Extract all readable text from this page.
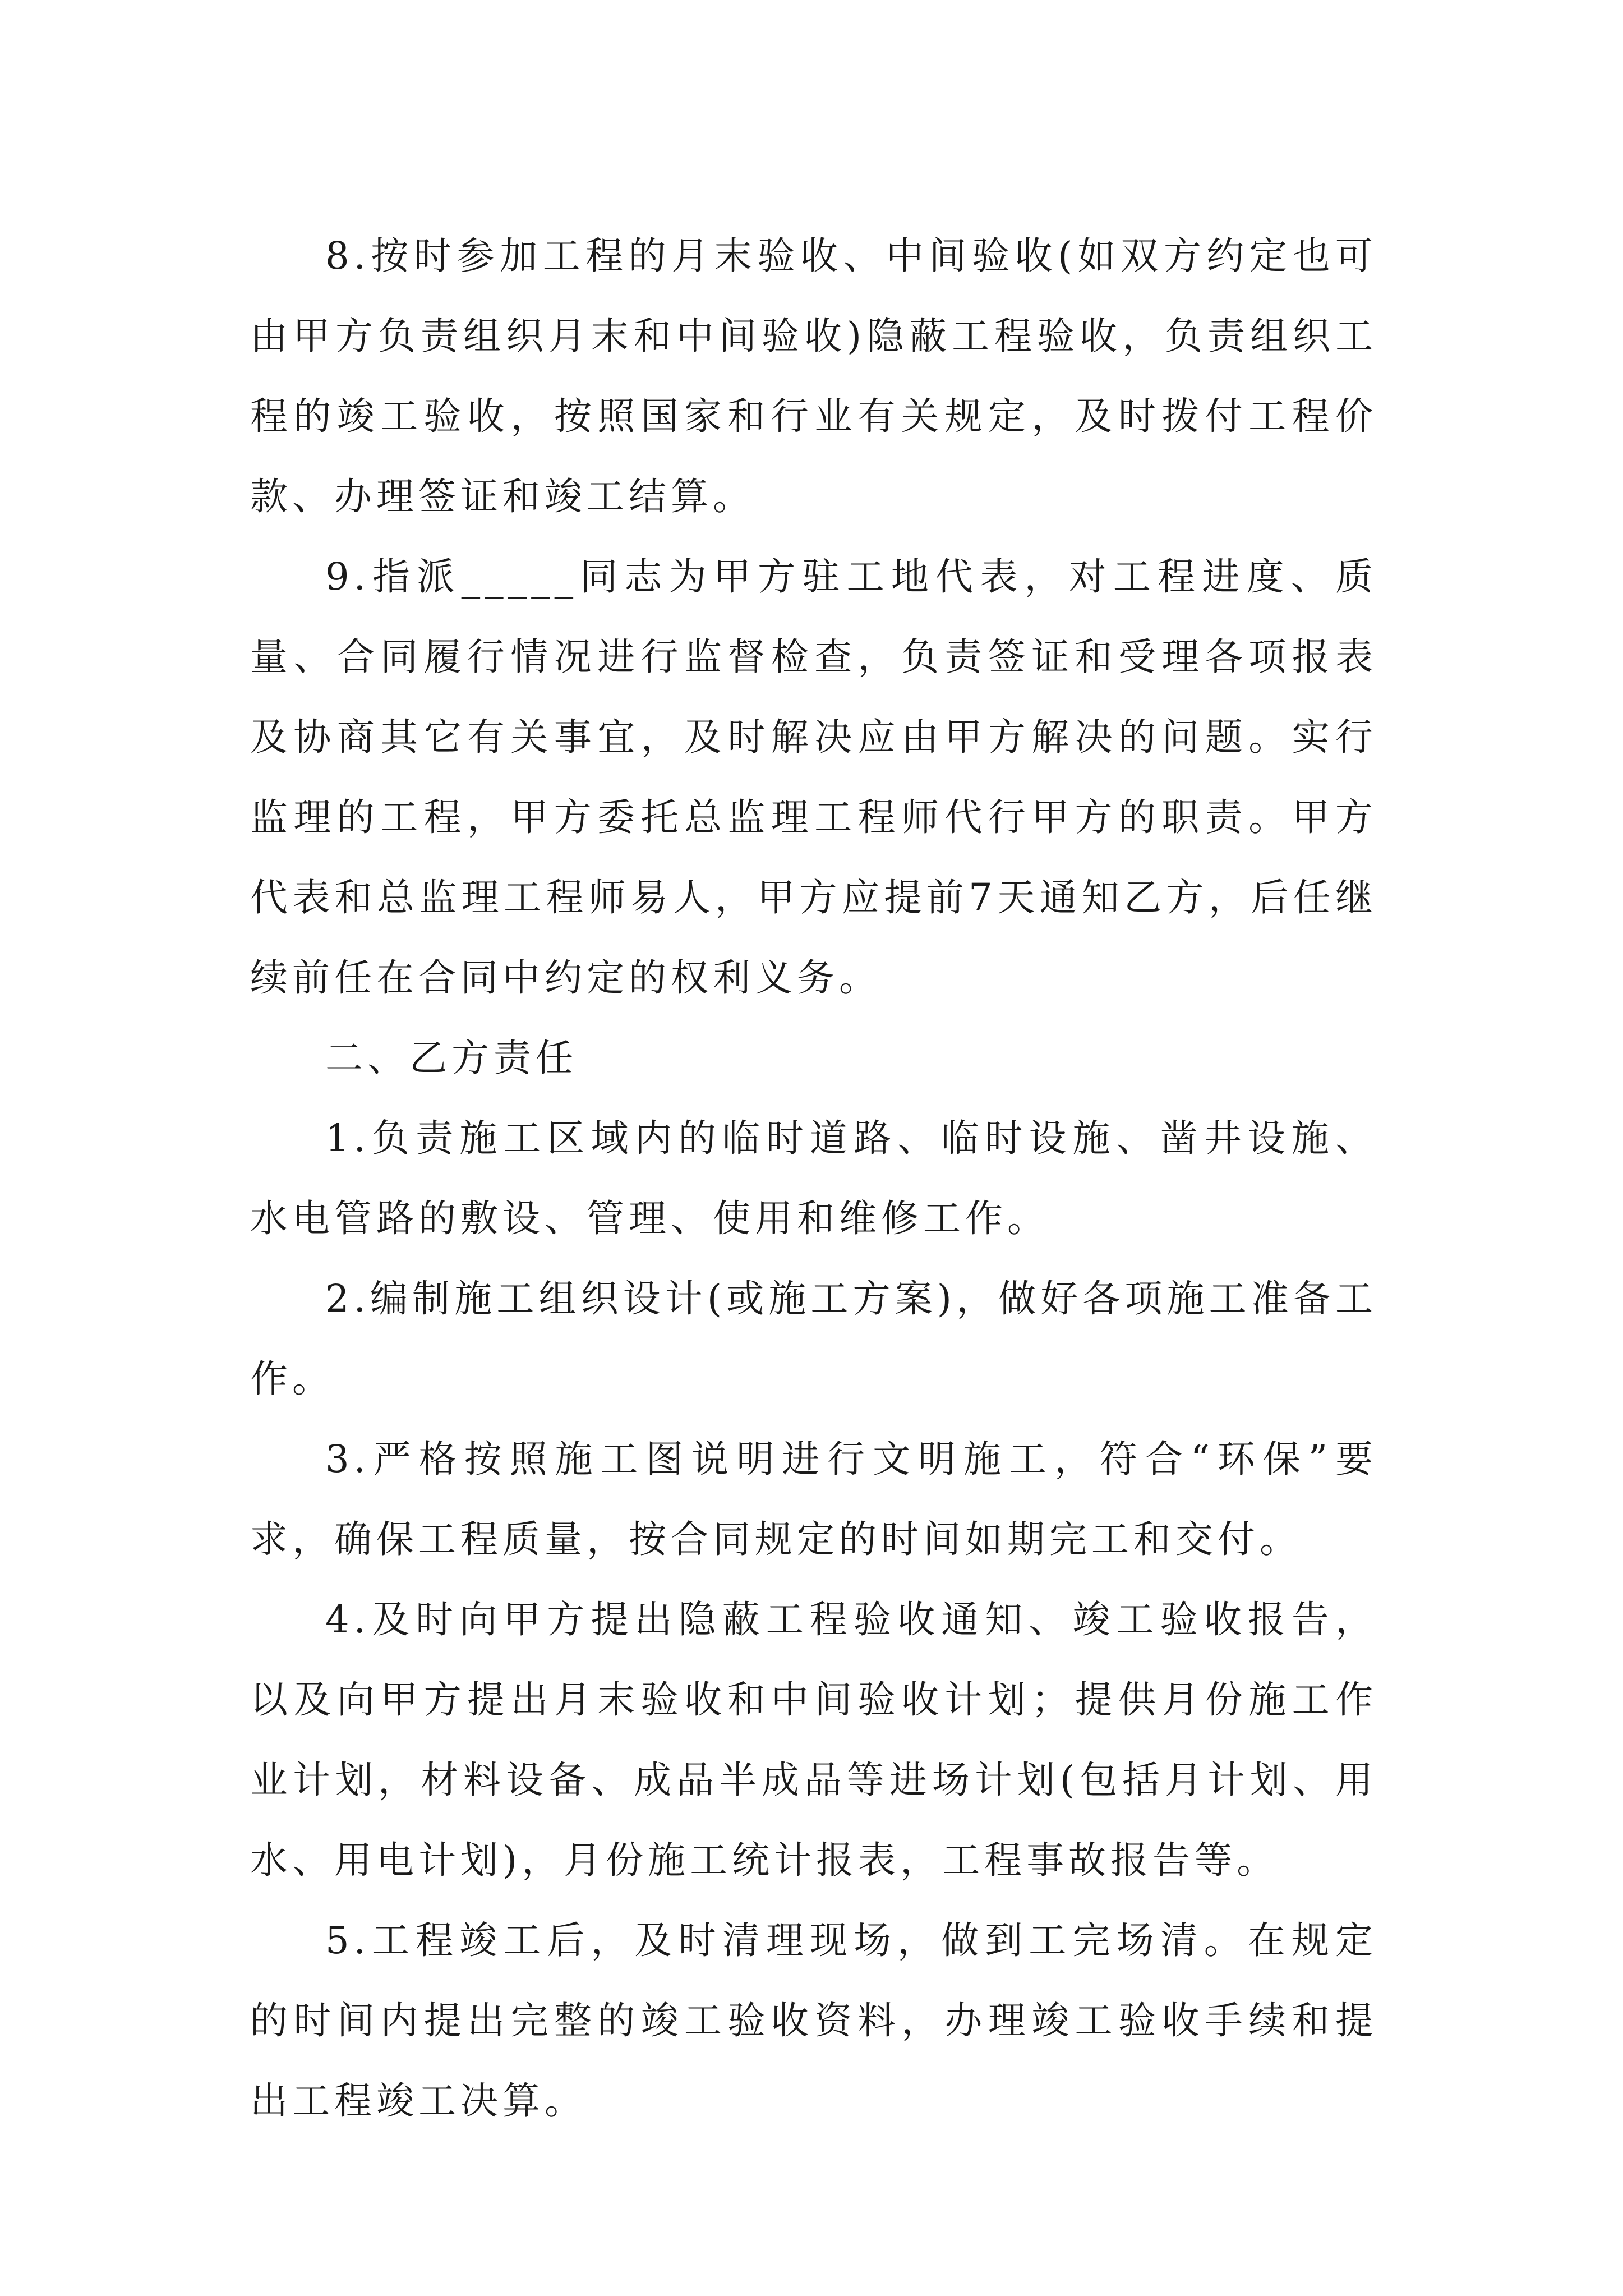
8.按时参加工程的月末验收、中间验收(如双方约定也可由甲方负责组织月末和中间验收)隐蔽工程验收，负责组织工程的竣工验收，按照国家和行业有关规定，及时拨付工程价款、办理签证和竣工结算。

9.指派_____同志为甲方驻工地代表，对工程进度、质量、合同履行情况进行监督检查，负责签证和受理各项报表及协商其它有关事宜，及时解决应由甲方解决的问题。实行监理的工程，甲方委托总监理工程师代行甲方的职责。甲方代表和总监理工程师易人，甲方应提前7天通知乙方，后任继续前任在合同中约定的权利义务。

二、乙方责任

1.负责施工区域内的临时道路、临时设施、凿井设施、水电管路的敷设、管理、使用和维修工作。

2.编制施工组织设计(或施工方案)，做好各项施工准备工作。

3.严格按照施工图说明进行文明施工，符合“环保”要求，确保工程质量，按合同规定的时间如期完工和交付。

4.及时向甲方提出隐蔽工程验收通知、竣工验收报告，以及向甲方提出月末验收和中间验收计划；提供月份施工作业计划，材料设备、成品半成品等进场计划(包括月计划、用水、用电计划)，月份施工统计报表，工程事故报告等。

5.工程竣工后，及时清理现场，做到工完场清。在规定的时间内提出完整的竣工验收资料，办理竣工验收手续和提出工程竣工决算。
